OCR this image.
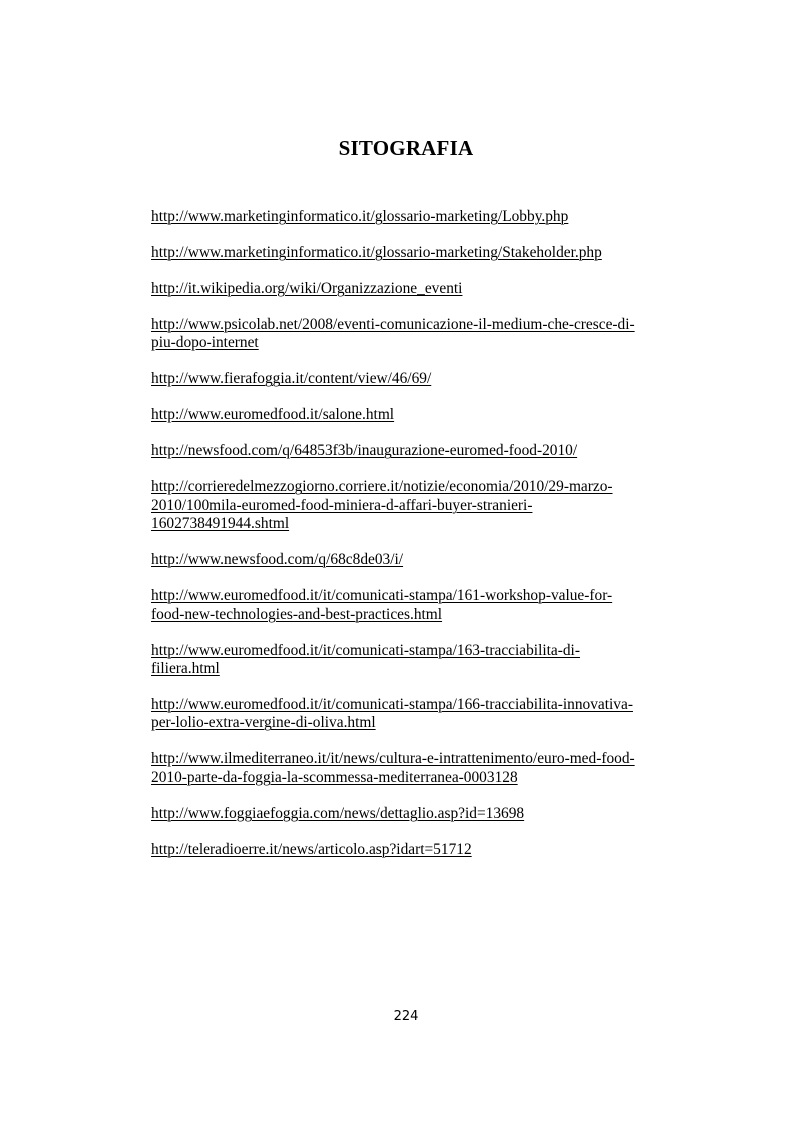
SITOGRAFIA
http://www.marketinginformatico.it/glossario-marketing/Lobby.php
http://www.marketinginformatico.it/glossario-marketing/Stakeholder.php
http://it.wikipedia.org/wiki/Organizzazione_eventi
http://www.psicolab.net/2008/eventi-comunicazione-il-medium-che-cresce-di-
piu-dopo-internet
http://www.fierafoggia.it/content/view/46/69/
http://www.euromedfood.it/salone.html
http://newsfood.com/q/64853f3b/inaugurazione-euromed-food-2010/
http://corrieredelmezzogiorno.corriere.it/notizie/economia/2010/29-marzo-
2010/100mila-euromed-food-miniera-d-affari-buyer-stranieri-
1602738491944.shtml
http://www.newsfood.com/q/68c8de03/i/
http://www.euromedfood.it/it/comunicati-stampa/161-workshop-value-for-
food-new-technologies-and-best-practices.html
http://www.euromedfood.it/it/comunicati-stampa/163-tracciabilita-di-
filiera.html
http://www.euromedfood.it/it/comunicati-stampa/166-tracciabilita-innovativa-
per-lolio-extra-vergine-di-oliva.html
http://www.ilmediterraneo.it/it/news/cultura-e-intrattenimento/euro-med-food-
2010-parte-da-foggia-la-scommessa-mediterranea-0003128
http://www.foggiaefoggia.com/news/dettaglio.asp?id=13698
http://teleradioerre.it/news/articolo.asp?idart=51712
224
